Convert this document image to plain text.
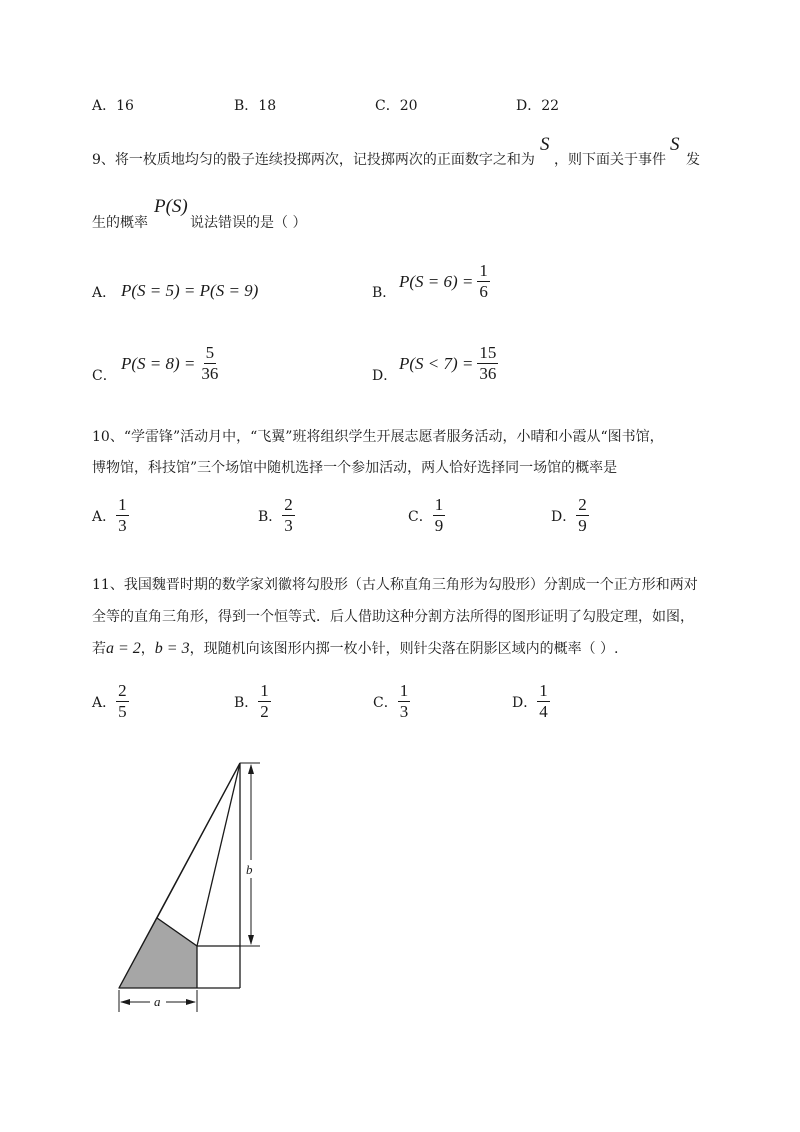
A．16	B．18	C．20	D．22
9、将一枚质地均匀的骰子连续投掷两次，记投掷两次的正面数字之和为
S
，则下面关于事件
S
发
生的概率
P(S)
说法错误的是（ ）
A． P(S = 5) = P(S = 9)	B．
$P(S = 6) = \frac{1}{6}$
C．
$P(S = 8) = \frac{5}{36}$	D．
$P(S < 7) = \frac{15}{36}$
10、“学雷锋”活动月中，“飞翼”班将组织学生开展志愿者服务活动，小晴和小霞从“图书馆，
博物馆，科技馆”三个场馆中随机选择一个参加活动，两人恰好选择同一场馆的概率是
A． $\frac{1}{3}$	B． $\frac{2}{3}$	C． $\frac{1}{9}$	D． $\frac{2}{9}$
11、我国魏晋时期的数学家刘徽将勾股形（古人称直角三角形为勾股形）分割成一个正方形和两对
全等的直角三角形，得到一个恒等式．后人借助这种分割方法所得的图形证明了勾股定理，如图，
若 a = 2 ， b = 3 ，现随机向该图形内掷一枚小针，则针尖落在阴影区域内的概率（ ）.
A． $\frac{2}{5}$	B． $\frac{1}{2}$	C． $\frac{1}{3}$	D． $\frac{1}{4}$
b
a
